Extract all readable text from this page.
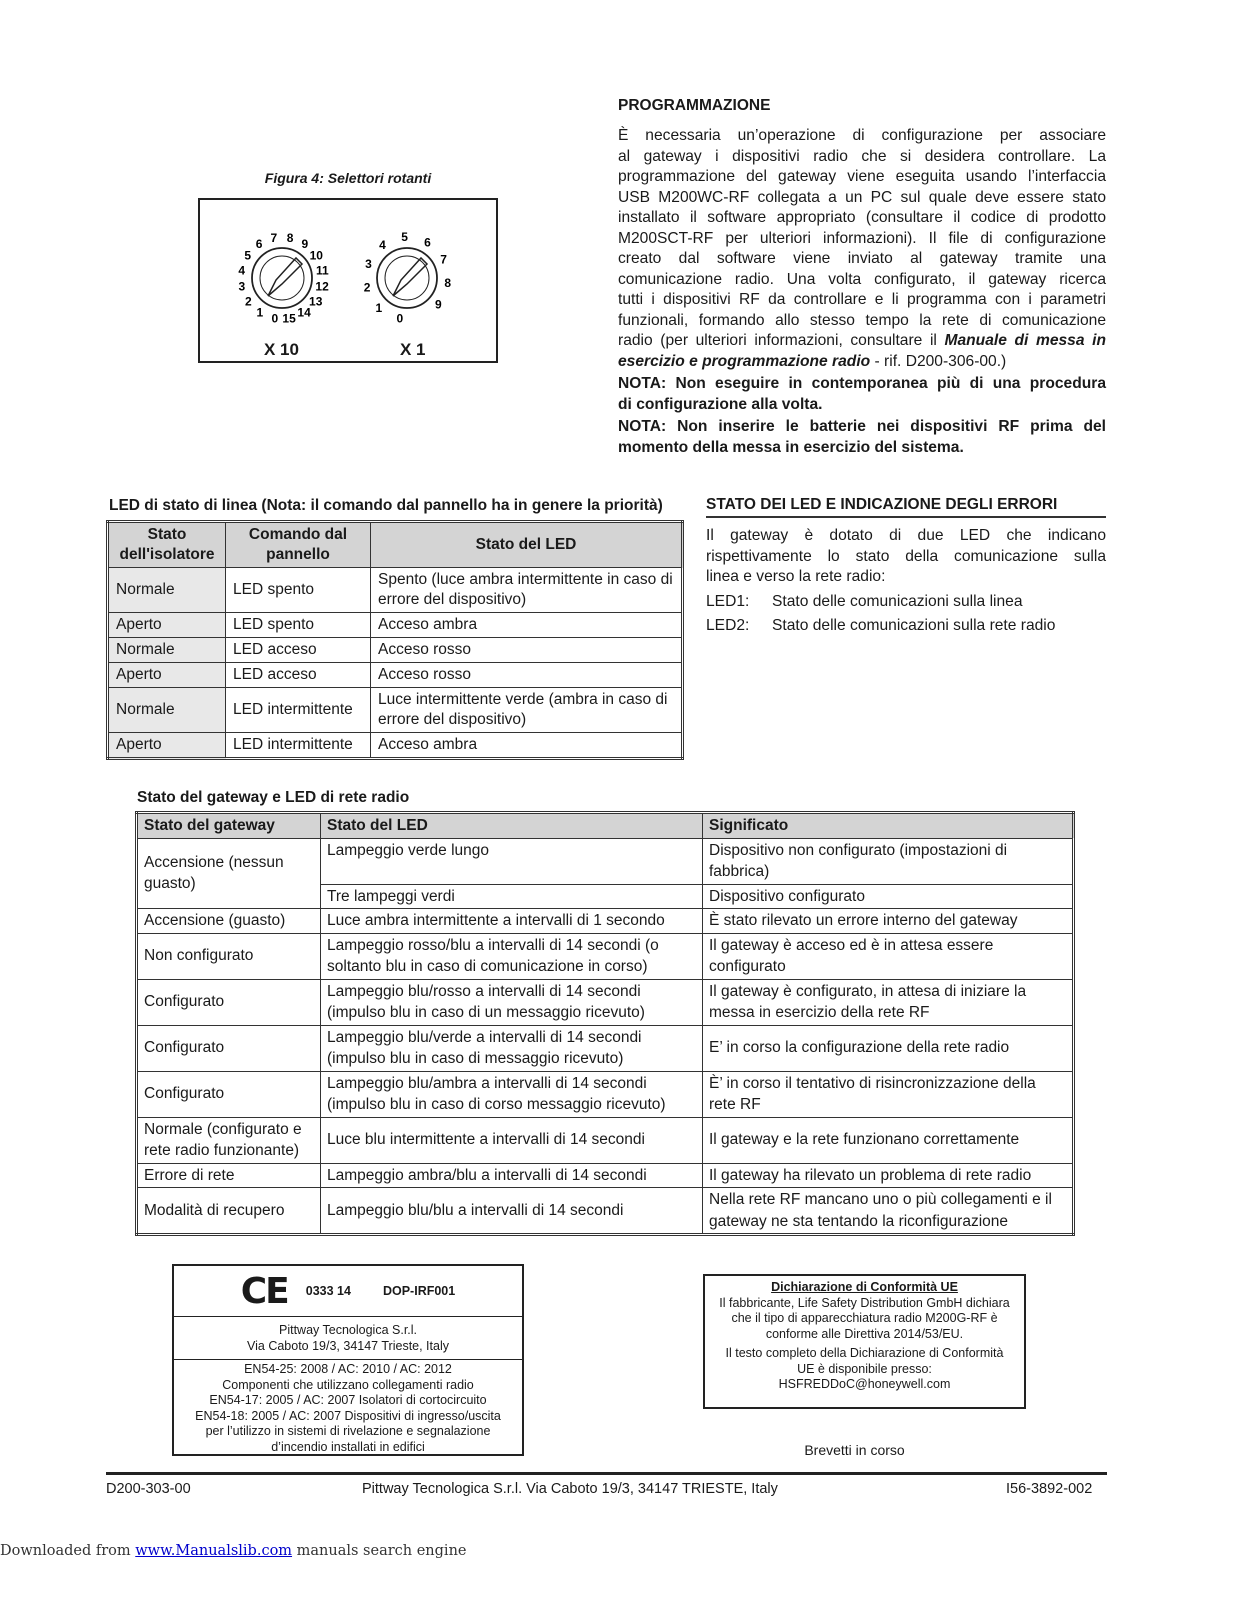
Figura 4: Selettori rotanti
0
1
2
3
4
5
6 7 8 9
10
11
12
13
14
15	0
1
2
3
4
5 6
7
8
9
X 10	X 1
PROGRAMMAZIONE
È necessaria un’operazione di configurazione per associare
al gateway i dispositivi radio che si desidera controllare. La
programmazione del gateway viene eseguita usando l’interfaccia
USB M200WC-RF collegata a un PC sul quale deve essere stato
installato il software appropriato (consultare il codice di prodotto
M200SCT-RF per ulteriori informazioni). Il file di configurazione
creato dal software viene inviato al gateway tramite una
comunicazione radio. Una volta configurato, il gateway ricerca
tutti i dispositivi RF da controllare e li programma con i parametri
funzionali, formando allo stesso tempo la rete di comunicazione
radio (per ulteriori informazioni, consultare il Manuale di messa in
esercizio e programmazione radio - rif. D200-306-00.)
NOTA: Non eseguire in contemporanea più di una procedura
di configurazione alla volta.
NOTA: Non inserire le batterie nei dispositivi RF prima del
momento della messa in esercizio del sistema.
LED di stato di linea (Nota: il comando dal pannello ha in genere la priorità)
Stato dell'isolatore	Comando dal pannello	Stato del LED
Normale	LED spento	Spento (luce ambra intermittente in caso di errore del dispositivo)
Aperto	LED spento	Acceso ambra
Normale	LED acceso	Acceso rosso
Aperto	LED acceso	Acceso rosso
Normale	LED intermittente	Luce intermittente verde (ambra in caso di errore del dispositivo)
Aperto	LED intermittente	Acceso ambra
STATO DEI LED E INDICAZIONE DEGLI ERRORI
Il gateway è dotato di due LED che indicano
rispettivamente lo stato della comunicazione sulla
linea e verso la rete radio:
LED1:	Stato delle comunicazioni sulla linea
LED2:	Stato delle comunicazioni sulla rete radio
Stato del gateway e LED di rete radio
Stato del gateway	Stato del LED	Significato
Accensione (nessun guasto)	Lampeggio verde lungo	Dispositivo non configurato (impostazioni di fabbrica)
	Tre lampeggi verdi	Dispositivo configurato
Accensione (guasto)	Luce ambra intermittente a intervalli di 1 secondo	È stato rilevato un errore interno del gateway
Non configurato	Lampeggio rosso/blu a intervalli di 14 secondi (o soltanto blu in caso di comunicazione in corso)	Il gateway è acceso ed è in attesa essere configurato
Configurato	Lampeggio blu/rosso a intervalli di 14 secondi (impulso blu in caso di un messaggio ricevuto)	Il gateway è configurato, in attesa di iniziare la messa in esercizio della rete RF
Configurato	Lampeggio blu/verde a intervalli di 14 secondi (impulso blu in caso di messaggio ricevuto)	E’ in corso la configurazione della rete radio
Configurato	Lampeggio blu/ambra a intervalli di 14 secondi (impulso blu in caso di corso messaggio ricevuto)	È’ in corso il tentativo di risincronizzazione della rete RF
Normale (configurato e rete radio funzionante)	Luce blu intermittente a intervalli di 14 secondi	Il gateway e la rete funzionano correttamente
Errore di rete	Lampeggio ambra/blu a intervalli di 14 secondi	Il gateway ha rilevato un problema di rete radio
Modalità di recupero	Lampeggio blu/blu a intervalli di 14 secondi	Nella rete RF mancano uno o più collegamenti e il gateway ne sta tentando la riconfigurazione
CE 0333 14	DOP-IRF001
Pittway Tecnologica S.r.l.
Via Caboto 19/3, 34147 Trieste, Italy
EN54-25: 2008 / AC: 2010 / AC: 2012
Componenti che utilizzano collegamenti radio
EN54-17: 2005 / AC: 2007 Isolatori di cortocircuito
EN54-18: 2005 / AC: 2007 Dispositivi di ingresso/uscita
per l’utilizzo in sistemi di rivelazione e segnalazione
d’incendio installati in edifici
Dichiarazione di Conformità UE
Il fabbricante, Life Safety Distribution GmbH dichiara
che il tipo di apparecchiatura radio M200G-RF è
conforme alle Direttiva 2014/53/EU.
Il testo completo della Dichiarazione di Conformità
UE è disponibile presso:
HSFREDDoC@honeywell.com
Brevetti in corso
D200-303-00	Pittway Tecnologica S.r.l. Via Caboto 19/3, 34147 TRIESTE, Italy	I56-3892-002
Downloaded from www.Manualslib.com manuals search engine
